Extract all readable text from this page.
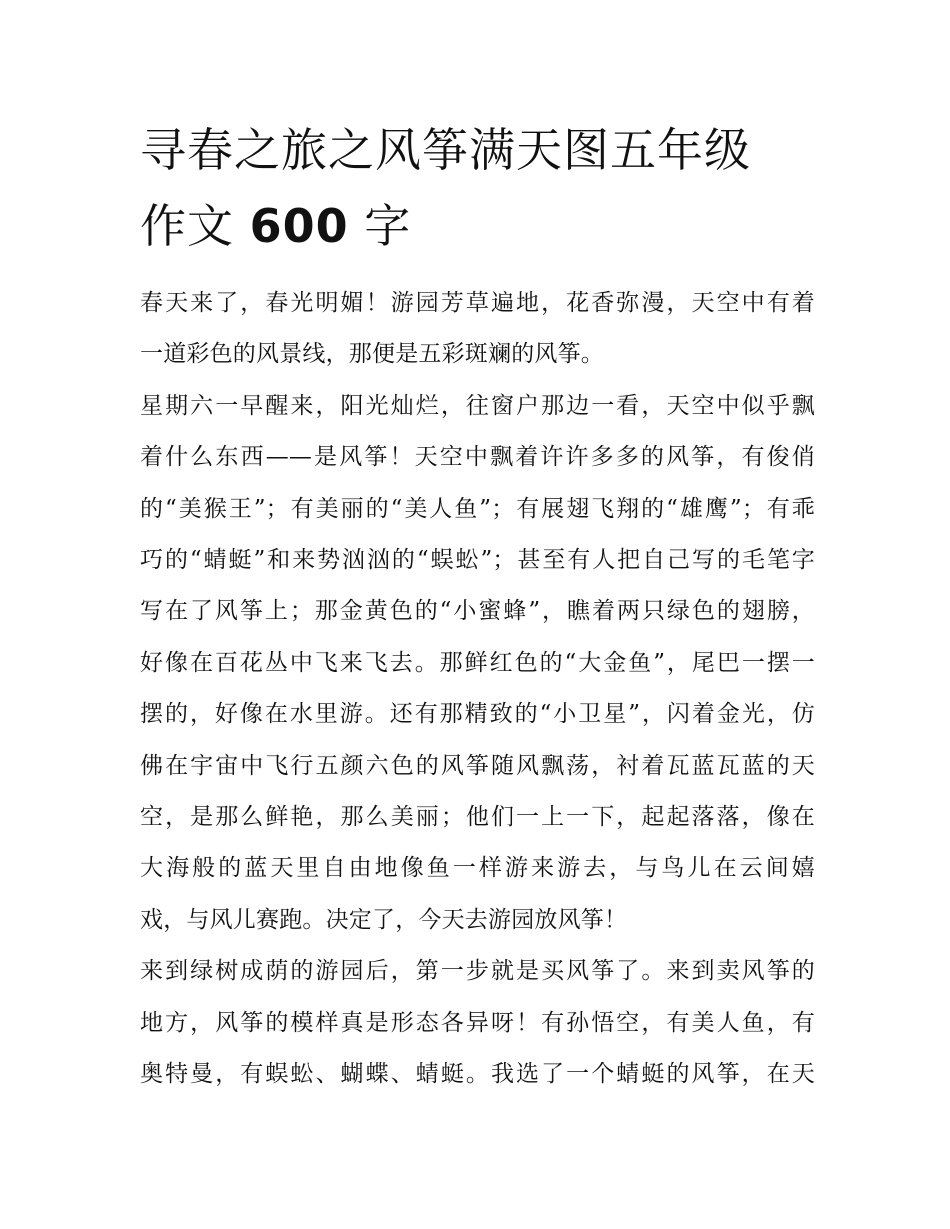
寻春之旅之风筝满天图五年级
作文 600 字

春天来了，春光明媚！游园芳草遍地，花香弥漫，天空中有着
一道彩色的风景线，那便是五彩斑斓的风筝。

星期六一早醒来，阳光灿烂，往窗户那边一看，天空中似乎飘
着什么东西——是风筝！天空中飘着许许多多的风筝，有俊俏
的“美猴王”；有美丽的“美人鱼”；有展翅飞翔的“雄鹰”；有乖
巧的“蜻蜓”和来势汹汹的“蜈蚣”；甚至有人把自己写的毛笔字
写在了风筝上；那金黄色的“小蜜蜂”，瞧着两只绿色的翅膀，
好像在百花丛中飞来飞去。那鲜红色的“大金鱼”，尾巴一摆一
摆的，好像在水里游。还有那精致的“小卫星”，闪着金光，仿
佛在宇宙中飞行五颜六色的风筝随风飘荡，衬着瓦蓝瓦蓝的天
空，是那么鲜艳，那么美丽；他们一上一下，起起落落，像在
大海般的蓝天里自由地像鱼一样游来游去，与鸟儿在云间嬉
戏，与风儿赛跑。决定了，今天去游园放风筝！

来到绿树成荫的游园后，第一步就是买风筝了。来到卖风筝的
地方，风筝的模样真是形态各异呀！有孙悟空，有美人鱼，有
奥特曼，有蜈蚣、蝴蝶、蜻蜓。我选了一个蜻蜓的风筝，在天
